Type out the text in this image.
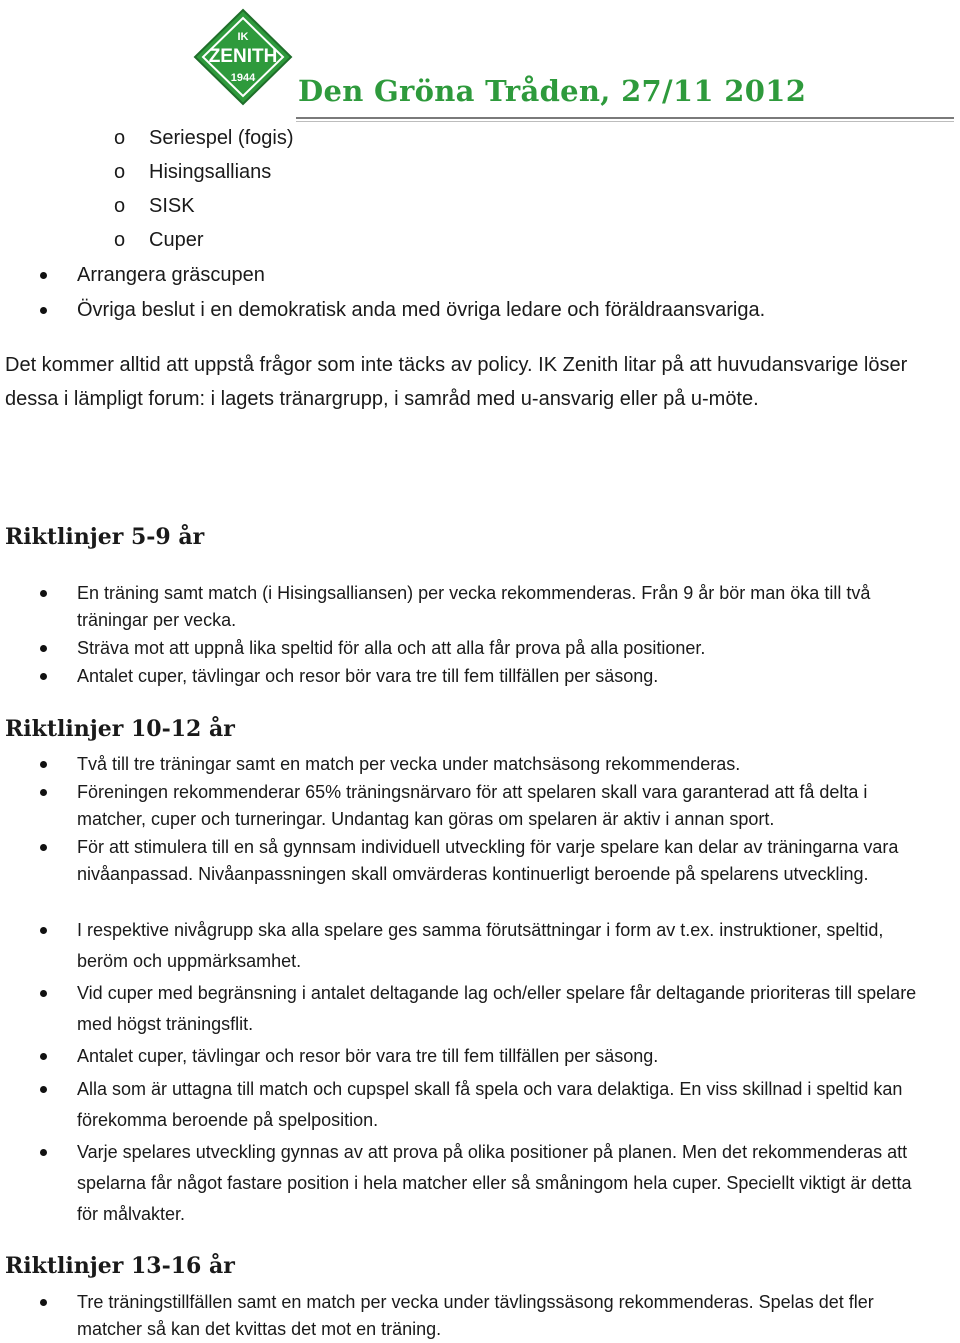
IK
ZENITH
1944 Den Gröna Tråden, 27/11 2012
o Seriespel (fogis)
o Hisingsallians
o SISK
o Cuper
Arrangera gräscupen
Övriga beslut i en demokratisk anda med övriga ledare och föräldraansvariga.
Det kommer alltid att uppstå frågor som inte täcks av policy. IK Zenith litar på att huvudansvarige löser dessa i lämpligt forum: i lagets tränargrupp, i samråd med u-ansvarig eller på u-möte.
Riktlinjer 5-9 år
En träning samt match (i Hisingsalliansen) per vecka rekommenderas. Från 9 år bör man öka till två träningar per vecka.
Sträva mot att uppnå lika speltid för alla och att alla får prova på alla positioner.
Antalet cuper, tävlingar och resor bör vara tre till fem tillfällen per säsong.
Riktlinjer 10-12 år
Två till tre träningar samt en match per vecka under matchsäsong rekommenderas.
Föreningen rekommenderar 65% träningsnärvaro för att spelaren skall vara garanterad att få delta i matcher, cuper och turneringar. Undantag kan göras om spelaren är aktiv i annan sport.
För att stimulera till en så gynnsam individuell utveckling för varje spelare kan delar av träningarna vara nivåanpassad. Nivåanpassningen skall omvärderas kontinuerligt beroende på spelarens utveckling.
I respektive nivågrupp ska alla spelare ges samma förutsättningar i form av t.ex. instruktioner, speltid, beröm och uppmärksamhet.
Vid cuper med begränsning i antalet deltagande lag och/eller spelare får deltagande prioriteras till spelare med högst träningsflit.
Antalet cuper, tävlingar och resor bör vara tre till fem tillfällen per säsong.
Alla som är uttagna till match och cupspel skall få spela och vara delaktiga. En viss skillnad i speltid kan förekomma beroende på spelposition.
Varje spelares utveckling gynnas av att prova på olika positioner på planen. Men det rekommenderas att spelarna får något fastare position i hela matcher eller så småningom hela cuper. Speciellt viktigt är detta för målvakter.
Riktlinjer 13-16 år
Tre träningstillfällen samt en match per vecka under tävlingssäsong rekommenderas. Spelas det fler matcher så kan det kvittas det mot en träning.
